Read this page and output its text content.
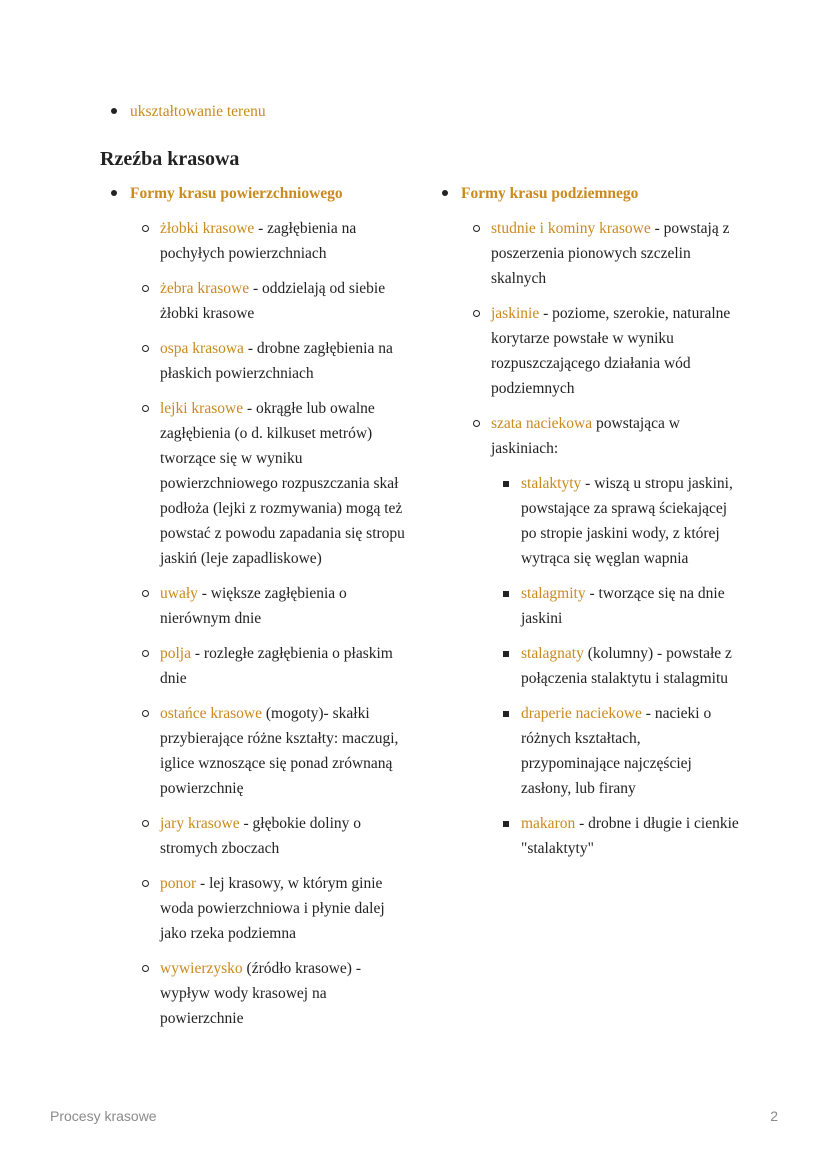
ukształtowanie terenu
Rzeźba krasowa
Formy krasu powierzchniowego
żłobki krasowe - zagłębienia na pochyłych powierzchniach
żebra krasowe - oddzielają od siebie żłobki krasowe
ospa krasowa - drobne zagłębienia na płaskich powierzchniach
lejki krasowe - okrągłe lub owalne zagłębienia (o d. kilkuset metrów) tworzące się w wyniku powierzchniowego rozpuszczania skał podłoża (lejki z rozmywania) mogą też powstać z powodu zapadania się stropu jaskiń (leje zapadliskowe)
uwały - większe zagłębienia o nierównym dnie
polja - rozległe zagłębienia o płaskim dnie
ostańce krasowe (mogoty)- skałki przybierające różne kształty: maczugi, iglice wznoszące się ponad zrównaną powierzchnię
jary krasowe - głębokie doliny o stromych zboczach
ponor - lej krasowy, w którym ginie woda powierzchniowa i płynie dalej jako rzeka podziemna
wywierzysko (źródło krasowe) - wypływ wody krasowej na powierzchnie
Formy krasu podziemnego
studnie i kominy krasowe - powstają z poszerzenia pionowych szczelin skalnych
jaskinie - poziome, szerokie, naturalne korytarze powstałe w wyniku rozpuszczającego działania wód podziemnych
szata naciekowa powstająca w jaskiniach:
stalaktyty - wiszą u stropu jaskini, powstające za sprawą ściekającej po stropie jaskini wody, z której wytrąca się węglan wapnia
stalagmity - tworzące się na dnie jaskini
stalagnaty (kolumny) - powstałe z połączenia stalaktytu i stalagmitu
draperie naciekowe - nacieki o różnych kształtach, przypominające najczęściej zasłony, lub firany
makaron - drobne i długie i cienkie "stalaktyty"
Procesy krasowe	2
